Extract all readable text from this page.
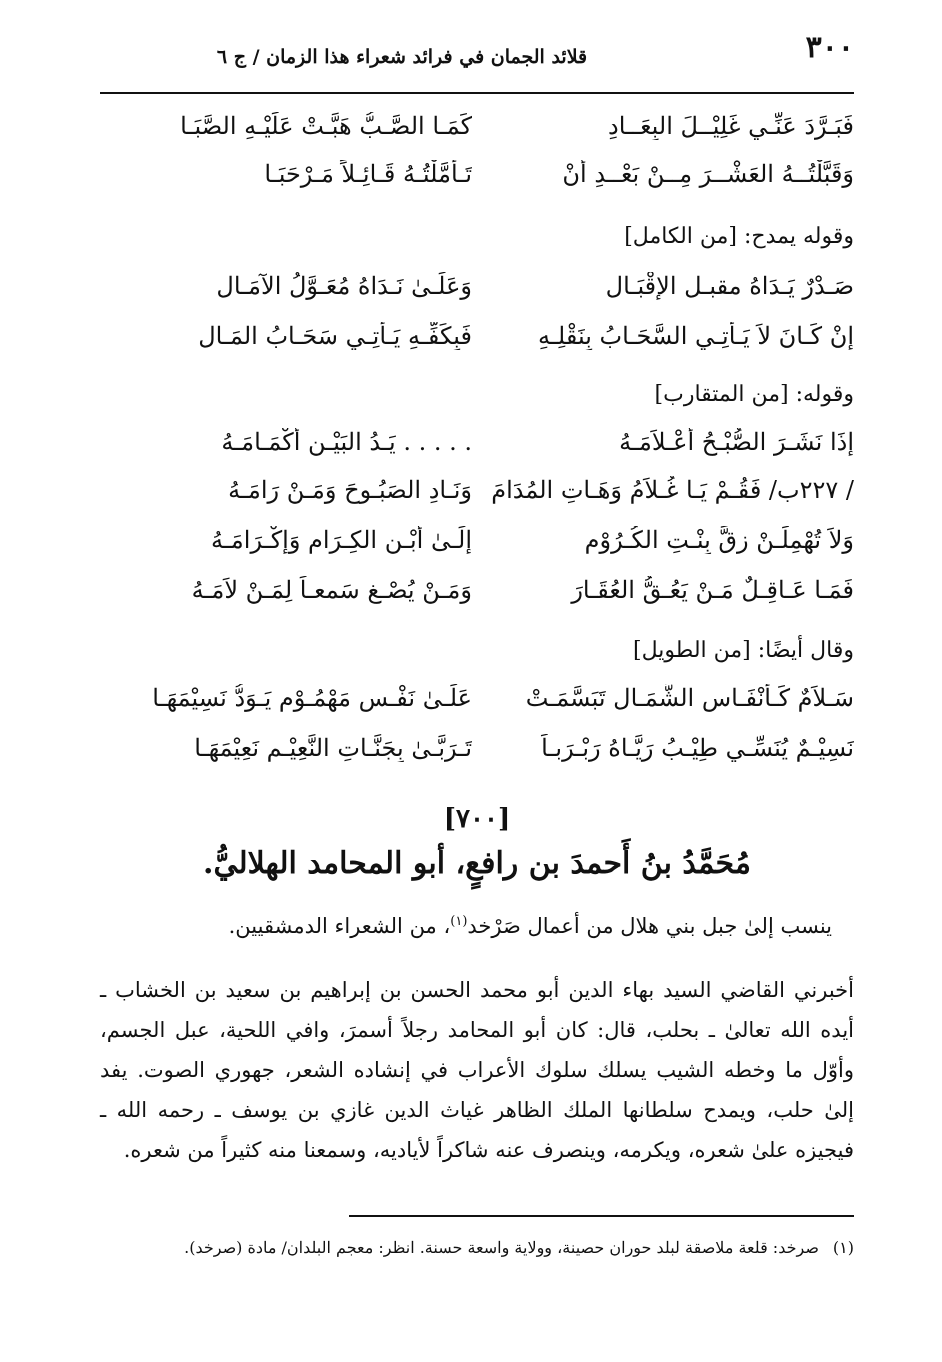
٣٠٠
قلائد الجمان في فرائد شعراء هذا الزمان / ج ٦
فَبَـرَّدَ عَنِّـي غَلِيْــلَ البِعَــادِ
كَمَـا الصَّـبُّ هَبَّـتْ عَلَيْـهِ الصَّبَـا
وَقَبَّلْتُــهُ العَشْــرَ مِــنْ بَعْــدِ أَنْ
تَـأَمَّلْتُـهُ قَـائِـلاً مَـرْحَبَـا
وقوله يمدح: [من الكامل]
صَـدْرٌ يَـدَاهُ مقبـل الإِقْبَـالِ
وَعَلَـىٰ نَـدَاهُ مُعَـوَّلُ الآمَـالِ
إِنْ كَـانَ لاَ يَـأْتِـي السَّحَـابُ بِنَقْلِـهِ
فَبِكَفِّـهِ يَـأْتِـي سَحَـابُ المَـالِ
وقوله: [من المتقارب]
إِذَا نَشَـرَ الصُّبْـحُ أَعْـلاَمَـهُ
. . . . . يَـدُ البَيْـنِ أَكْمَـامَـهُ
/ ٢٢٧ب/ فَقُـمْ يَـا غُـلاَمُ وَهَـاتِ المُدَامَ
وَنَـادِ الصَبُـوحَ وَمَـنْ رَامَـهُ
وَلاَ تُهْمِلَـنْ زِقَّ بِنْـتِ الكُـرُوْمِ
إِلَـىٰ أَبْـنِ الكِـرَامِ وَإِكْـرَامَـهُ
فَمَـا عَـاقِـلٌ مَـنْ يَعُـقُّ العُقَـارَ
وَمَـنْ يُصْـغِ سَمعـاً لِمَـنْ لاَمَـهُ
وقال أيضًا: [من الطويل]
سَـلاَمٌ كَـأَنْفَـاسِ الشَّمَـالِ تَبَسَّمَـتْ
عَلَـىٰ نَفْـسِ مَهْمُـوْمٍ يَـوَدُّ نَسِيْمَهَـا
نَسِيْـمٌ يُنَسِّـي طِيْـبُ رَيَّـاهُ رَبْـرَبـاً
تَـرَبَّـىٰ بِجَنَّـاتِ النَّعِيْـمِ نَعِيْمَهَـا
[٧٠٠]
مُحَمَّدُ بنُ أَحمدَ بن رافعٍ، أبو المحامد الهلاليُّ.
ينسب إلىٰ جبل بني هلال من أعمال صَرْخد$^{(١)}$، من الشعراء الدمشقيين.
أخبرني القاضي السيد بهاء الدين أبو محمد الحسن بن إبراهيم بن سعيد بن الخشاب ـ أيده الله تعالىٰ ـ بحلب، قال: كان أبو المحامد رجلاً أسمرَ، وافي اللحية، عبل الجسم، وأوّل ما وخطه الشيب يسلك سلوك الأعراب في إنشاده الشعر، جهوري الصوت. يفد إلىٰ حلب، ويمدح سلطانها الملك الظاهر غياث الدين غازي بن يوسف ـ رحمه الله ـ فيجيزه علىٰ شعره، ويكرمه، وينصرف عنه شاكراً لأياديه، وسمعنا منه كثيراً من شعره.
(١)صرخد: قلعة ملاصقة لبلد حوران حصينة، وولاية واسعة حسنة. انظر: معجم البلدان/ مادة (صرخد).
